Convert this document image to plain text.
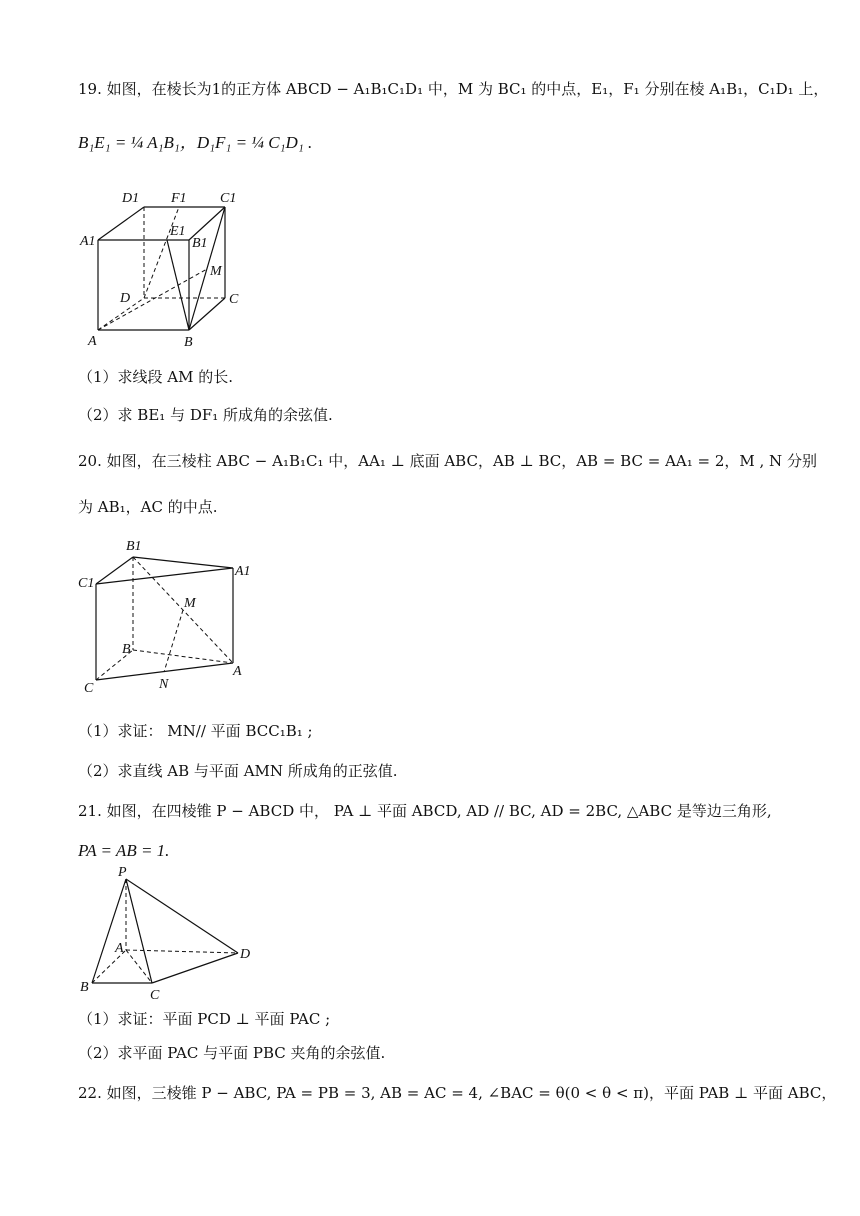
19. 如图，在棱长为1的正方体 ABCD − A₁B₁C₁D₁ 中，M 为 BC₁ 的中点，E₁，F₁ 分别在棱 A₁B₁，C₁D₁ 上，
B₁E₁ = ¼ A₁B₁，D₁F₁ = ¼ C₁D₁ .
D1 F1 C1
A1
E1
B1
M
D	C
A	B
（1）求线段 AM 的长.
（2）求 BE₁ 与 DF₁ 所成角的余弦值.
20. 如图，在三棱柱 ABC − A₁B₁C₁ 中，AA₁ ⊥ 底面 ABC，AB ⊥ BC，AB = BC = AA₁ = 2，M , N 分别
为 AB₁，AC 的中点.
B1
C1
A1
M
B
A
C	N
（1）求证： MN// 平面 BCC₁B₁ ;
（2）求直线 AB 与平面 AMN 所成角的正弦值.
21. 如图，在四棱锥 P − ABCD 中， PA ⊥ 平面 ABCD, AD // BC, AD = 2BC, △ABC 是等边三角形,
PA = AB = 1.
P
A	D
B
C
（1）求证：平面 PCD ⊥ 平面 PAC ;
（2）求平面 PAC 与平面 PBC 夹角的余弦值.
22. 如图，三棱锥 P − ABC, PA = PB = 3, AB = AC = 4, ∠BAC = θ(0 < θ < π)，平面 PAB ⊥ 平面 ABC，
